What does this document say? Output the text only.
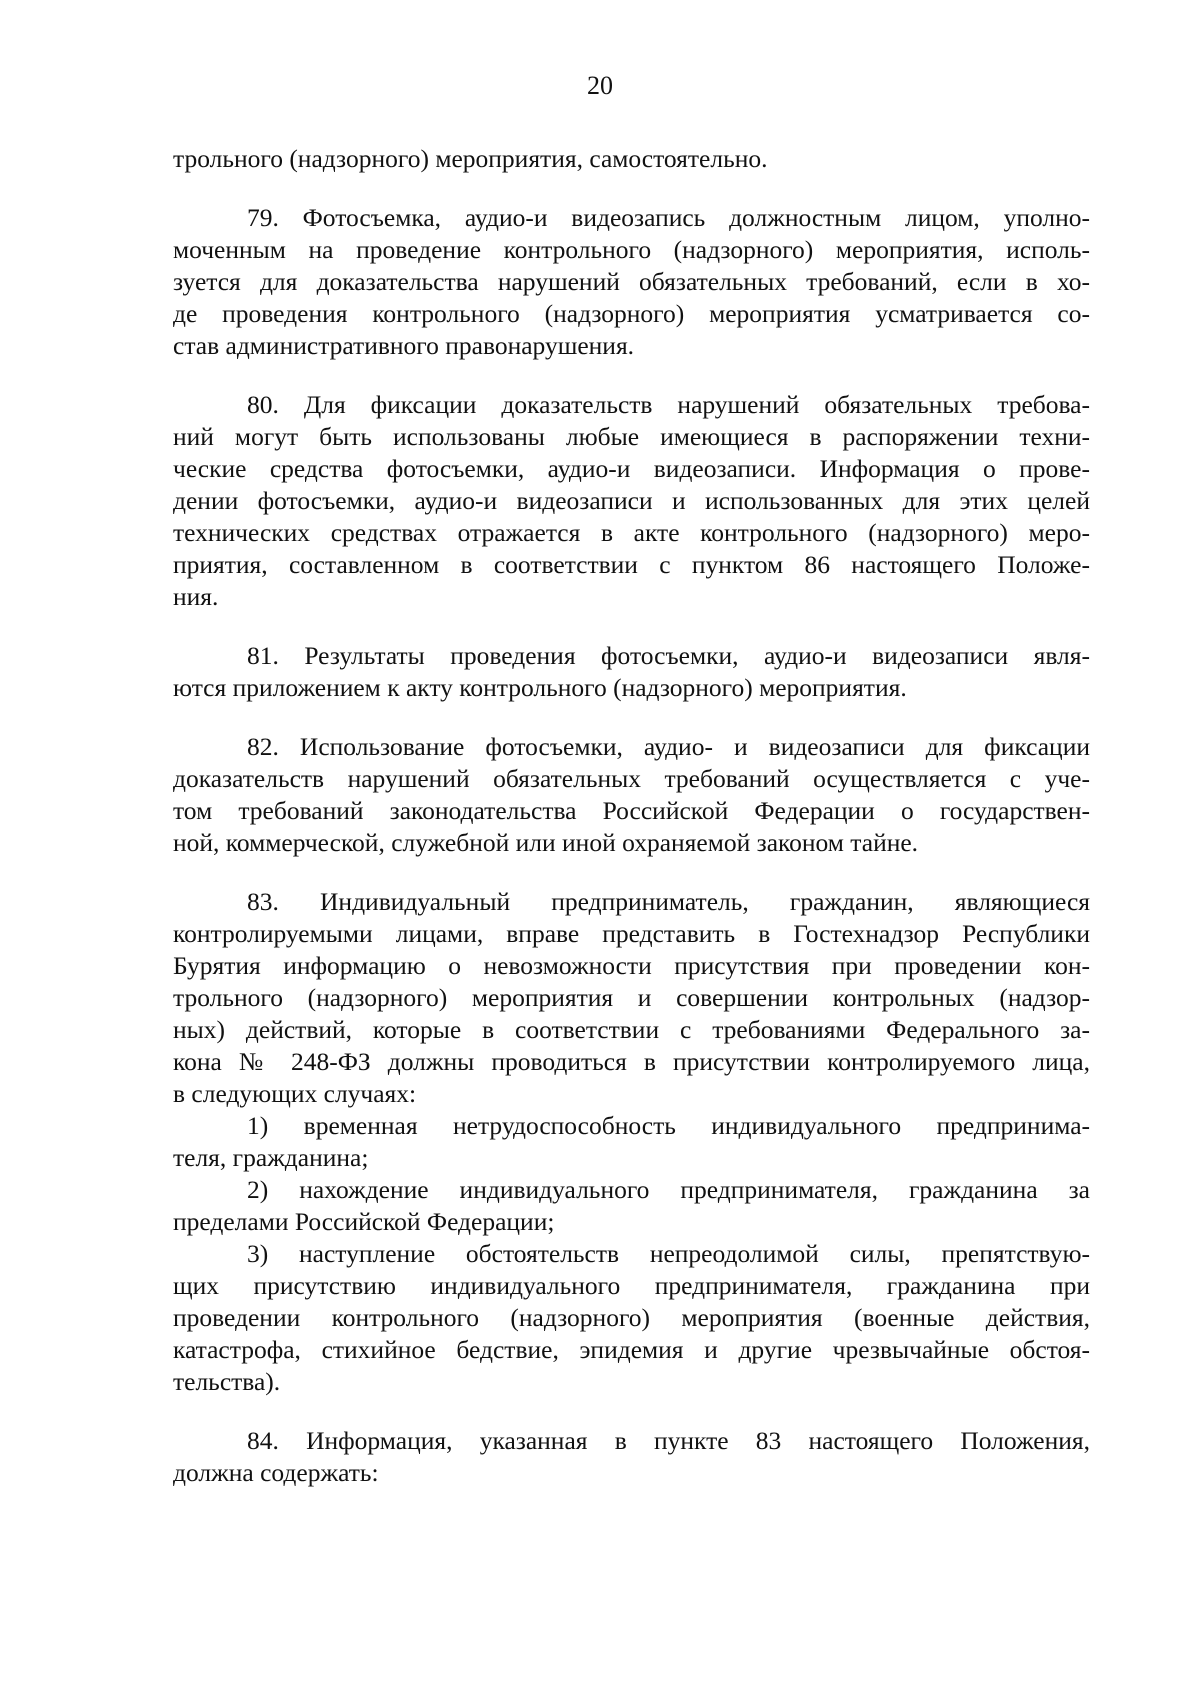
20
трольного (надзорного) мероприятия, самостоятельно.
79. Фотосъемка, аудио-и видеозапись должностным лицом, уполно-
моченным на проведение контрольного (надзорного) мероприятия, исполь-
зуется для доказательства нарушений обязательных требований, если в хо-
де проведения контрольного (надзорного) мероприятия усматривается со-
став административного правонарушения.
80. Для фиксации доказательств нарушений обязательных требова-
ний могут быть использованы любые имеющиеся в распоряжении техни-
ческие средства фотосъемки, аудио-и видеозаписи. Информация о прове-
дении фотосъемки, аудио-и видеозаписи и использованных для этих целей
технических средствах отражается в акте контрольного (надзорного) меро-
приятия, составленном в соответствии с пунктом 86 настоящего Положе-
ния.
81. Результаты проведения фотосъемки, аудио-и видеозаписи явля-
ются приложением к акту контрольного (надзорного) мероприятия.
82. Использование фотосъемки, аудио- и видеозаписи для фиксации
доказательств нарушений обязательных требований осуществляется с уче-
том требований законодательства Российской Федерации о государствен-
ной, коммерческой, служебной или иной охраняемой законом тайне.
83. Индивидуальный предприниматель, гражданин, являющиеся
контролируемыми лицами, вправе представить в Гостехнадзор Республики
Бурятия информацию о невозможности присутствия при проведении кон-
трольного (надзорного) мероприятия и совершении контрольных (надзор-
ных) действий, которые в соответствии с требованиями Федерального за-
кона № 248-ФЗ должны проводиться в присутствии контролируемого лица,
в следующих случаях:
1) временная нетрудоспособность индивидуального предпринима-
теля, гражданина;
2) нахождение индивидуального предпринимателя, гражданина за
пределами Российской Федерации;
3) наступление обстоятельств непреодолимой силы, препятствую-
щих присутствию индивидуального предпринимателя, гражданина при
проведении контрольного (надзорного) мероприятия (военные действия,
катастрофа, стихийное бедствие, эпидемия и другие чрезвычайные обстоя-
тельства).
84. Информация, указанная в пункте 83 настоящего Положения,
должна содержать:
